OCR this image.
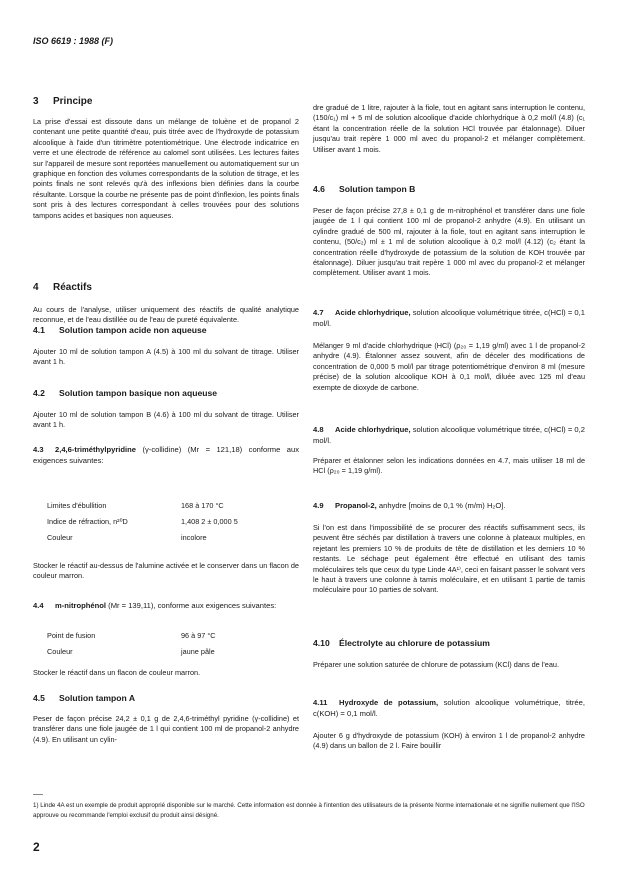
ISO 6619 : 1988 (F)
3 Principe

La prise d'essai est dissoute dans un mélange de toluène et de propanol 2 contenant une petite quantité d'eau, puis titrée avec de l'hydroxyde de potassium alcoolique à l'aide d'un titrimètre potentiométrique. Une électrode indicatrice en verre et une électrode de référence au calomel sont utilisées. Les lectures faites sur l'appareil de mesure sont reportées manuellement ou automatiquement sur un graphique en fonction des volumes correspondants de la solution de titrage, et les points finals ne sont relevés qu'à des inflexions bien définies dans la courbe résultante. Lorsque la courbe ne présente pas de point d'inflexion, les points finals sont pris à des lectures correspondant à celles trouvées pour des solutions tampons acides et basiques non aqueuses.

4 Réactifs

Au cours de l'analyse, utiliser uniquement des réactifs de qualité analytique reconnue, et de l'eau distillée ou de l'eau de pureté équivalente.

4.1 Solution tampon acide non aqueuse

Ajouter 10 ml de solution tampon A (4.5) à 100 ml du solvant de titrage. Utiliser avant 1 h.

4.2 Solution tampon basique non aqueuse

Ajouter 10 ml de solution tampon B (4.6) à 100 ml du solvant de titrage. Utiliser avant 1 h.

4.3 2,4,6-triméthylpyridine (γ-collidine) (Mr = 121,18) conforme aux exigences suivantes:
Limites d'ébullition	168 à 170 °C
Indice de réfraction, n²⁰D	1,408 2 ± 0,000 5
Couleur	incolore

Stocker le réactif au-dessus de l'alumine activée et le conserver dans un flacon de couleur marron.

4.4 m-nitrophénol (Mr = 139,11), conforme aux exigences suivantes:
Point de fusion	96 à 97 °C
Couleur	jaune pâle

Stocker le réactif dans un flacon de couleur marron.

4.5 Solution tampon A

Peser de façon précise 24,2 ± 0,1 g de 2,4,6-triméthyl pyridine (γ-collidine) et transférer dans une fiole jaugée de 1 l qui contient 100 ml de propanol-2 anhydre (4.9). En utilisant un cylin-

dre gradué de 1 litre, rajouter à la fiole, tout en agitant sans interruption le contenu, (150/c₁) ml + 5 ml de solution alcoolique d'acide chlorhydrique à 0,2 mol/l (4.8) (c₁ étant la concentration réelle de la solution HCl trouvée par étalonnage). Diluer jusqu'au trait repère 1 000 ml avec du propanol-2 et mélanger complètement. Utiliser avant 1 mois.

4.6 Solution tampon B

Peser de façon précise 27,8 ± 0,1 g de m-nitrophénol et transférer dans une fiole jaugée de 1 l qui contient 100 ml de propanol-2 anhydre (4.9). En utilisant un cylindre gradué de 500 ml, rajouter à la fiole, tout en agitant sans interruption le contenu, (50/c₂) ml ± 1 ml de solution alcoolique à 0,2 mol/l (4.12) (c₂ étant la concentration réelle d'hydroxyde de potassium de la solution de KOH trouvée par étalonnage). Diluer jusqu'au trait repère 1 000 ml avec du propanol-2 et mélanger complètement. Utiliser avant 1 mois.

4.7 Acide chlorhydrique, solution alcoolique volumétrique titrée, c(HCl) = 0,1 mol/l.

Mélanger 9 ml d'acide chlorhydrique (HCl) (ρ₂₀ = 1,19 g/ml) avec 1 l de propanol-2 anhydre (4.9). Étalonner assez souvent, afin de déceler des modifications de concentration de 0,000 5 mol/l par titrage potentiométrique d'environ 8 ml (mesure précise) de la solution alcoolique KOH à 0,1 mol/l, diluée avec 125 ml d'eau exempte de dioxyde de carbone.

4.8 Acide chlorhydrique, solution alcoolique volumétrique titrée, c(HCl) = 0,2 mol/l.

Préparer et étalonner selon les indications données en 4.7, mais utiliser 18 ml de HCl (ρ₂₀ = 1,19 g/ml).

4.9 Propanol-2, anhydre [moins de 0,1 % (m/m) H₂O].

Si l'on est dans l'impossibilité de se procurer des réactifs suffisamment secs, ils peuvent être séchés par distillation à travers une colonne à plateaux multiples, en rejetant les premiers 10 % de produits de tête de distillation et les derniers 10 % restants. Le séchage peut également être effectué en utilisant des tamis moléculaires tels que ceux du type Linde 4A¹⁾, ceci en faisant passer le solvant vers le haut à travers une colonne à tamis moléculaire, et en utilisant 1 partie de tamis moléculaire pour 10 parties de solvant.

4.10 Électrolyte au chlorure de potassium

Préparer une solution saturée de chlorure de potassium (KCl) dans de l'eau.

4.11 Hydroxyde de potassium, solution alcoolique volumétrique, titrée, c(KOH) = 0,1 mol/l.

Ajouter 6 g d'hydroxyde de potassium (KOH) à environ 1 l de propanol-2 anhydre (4.9) dans un ballon de 2 l. Faire bouillir

1) Linde 4A est un exemple de produit approprié disponible sur le marché. Cette information est donnée à l'intention des utilisateurs de la présente Norme internationale et ne signifie nullement que l'ISO approuve ou recommande l'emploi exclusif du produit ainsi désigné.
2
